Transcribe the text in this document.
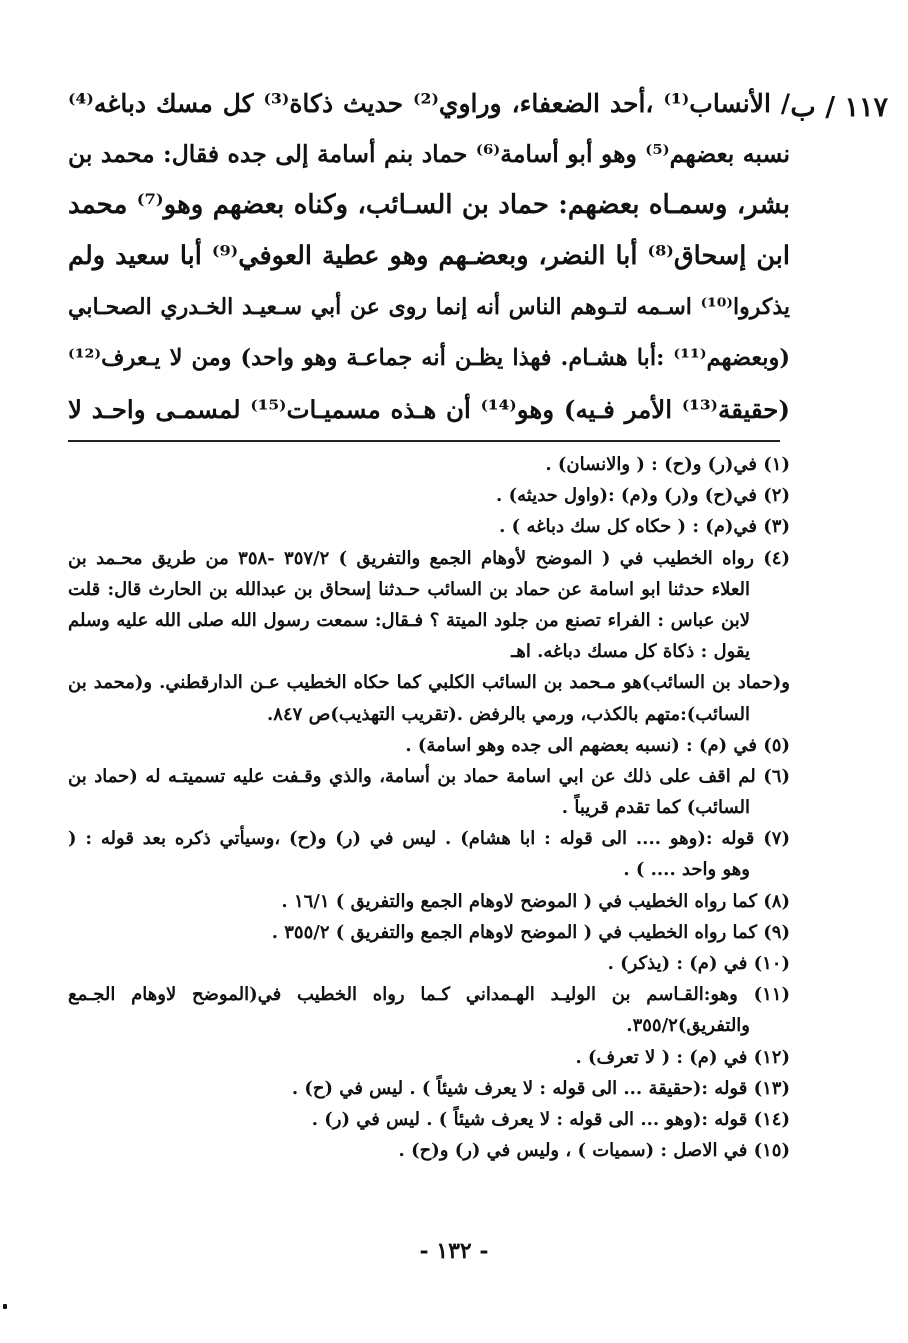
١١٧ / ب
/ الأنساب⁽¹⁾ ،أحد الضعفاء، وراوي⁽²⁾ حديث ذكاة⁽³⁾ كل مسك دباغه⁽⁴⁾
نسبه بعضهم⁽⁵⁾ وهو أبو أسامة⁽⁶⁾ حماد بنم أسامة إلى جده فقال: محمد بن
بشر، وسمـاه بعضهم: حماد بن السـائب، وكناه بعضهم وهو⁽⁷⁾ محمد
ابن إسحاق⁽⁸⁾ أبا النضر، وبعضـهم وهو عطية العوفي⁽⁹⁾ أبا سعيد ولم
يذكروا⁽¹⁰⁾ اسـمه لتـوهم الناس أنه إنما روى عن أبي سـعيـد الخـدري الصحـابي
(وبعضهم⁽¹¹⁾ :أبا هشـام. فهذا يظـن أنه جماعـة وهو واحد) ومن لا يـعرف⁽¹²⁾
(حقيقة⁽¹³⁾ الأمر فـيه) وهو⁽¹⁴⁾ أن هـذه مسميـات⁽¹⁵⁾ لمسمـى واحـد لا
(١) في(ر) و(ح) : ( والانسان) .
(٢) في(ح) و(ر) و(م) :(واول حديثه) .
(٣) في(م) : ( حكاه كل سك دباغه ) .
(٤) رواه الخطيب في ( الموضح لأوهام الجمع والتفريق ) ٣٥٧/٢ -٣٥٨ من طريق محـمد بن
العلاء حدثنا ابو اسامة عن حماد بن السائب حـدثنا إسحاق بن عبدالله بن الحارث قال: قلت
لابن عباس : الفراء تصنع من جلود الميتة ؟ فـقال: سمعت رسول الله صلى الله عليه وسلم
يقول : ذكاة كل مسك دباغه. اهـ
و(حماد بن السائب)هو مـحمد بن السائب الكلبي كما حكاه الخطيب عـن الدارقطني. و(محمد بن
السائب):متهم بالكذب، ورمي بالرفض .(تقريب التهذيب)ص ٨٤٧.
(٥) في (م) : (نسبه بعضهم الى جده وهو اسامة) .
(٦) لم اقف على ذلك عن ابي اسامة حماد بن أسامة، والذي وقـفت عليه تسميتـه له (حماد بن
السائب) كما تقدم قريباً .
(٧) قوله :(وهو .... الى قوله : ابا هشام) . ليس في (ر) و(ح) ،وسيأتي ذكره بعد قوله : (
وهو واحد .... ) .
(٨) كما رواه الخطيب في ( الموضح لاوهام الجمع والتفريق ) ١٦/١ .
(٩) كما رواه الخطيب في ( الموضح لاوهام الجمع والتفريق ) ٣٥٥/٢ .
(١٠) في (م) : (يذكر) .
(١١) وهو:القـاسم بن الوليـد الهـمداني كـما رواه الخطيب في(الموضح لاوهام الجـمع
والتفريق)٣٥٥/٢.
(١٢) في (م) : ( لا تعرف) .
(١٣) قوله :(حقيقة ... الى قوله : لا يعرف شيئاً ) . ليس في (ح) .
(١٤) قوله :(وهو ... الى قوله : لا يعرف شيئاً ) . ليس في (ر) .
(١٥) في الاصل : (سميات ) ، وليس في (ر) و(ح) .
- ١٣٢ -
